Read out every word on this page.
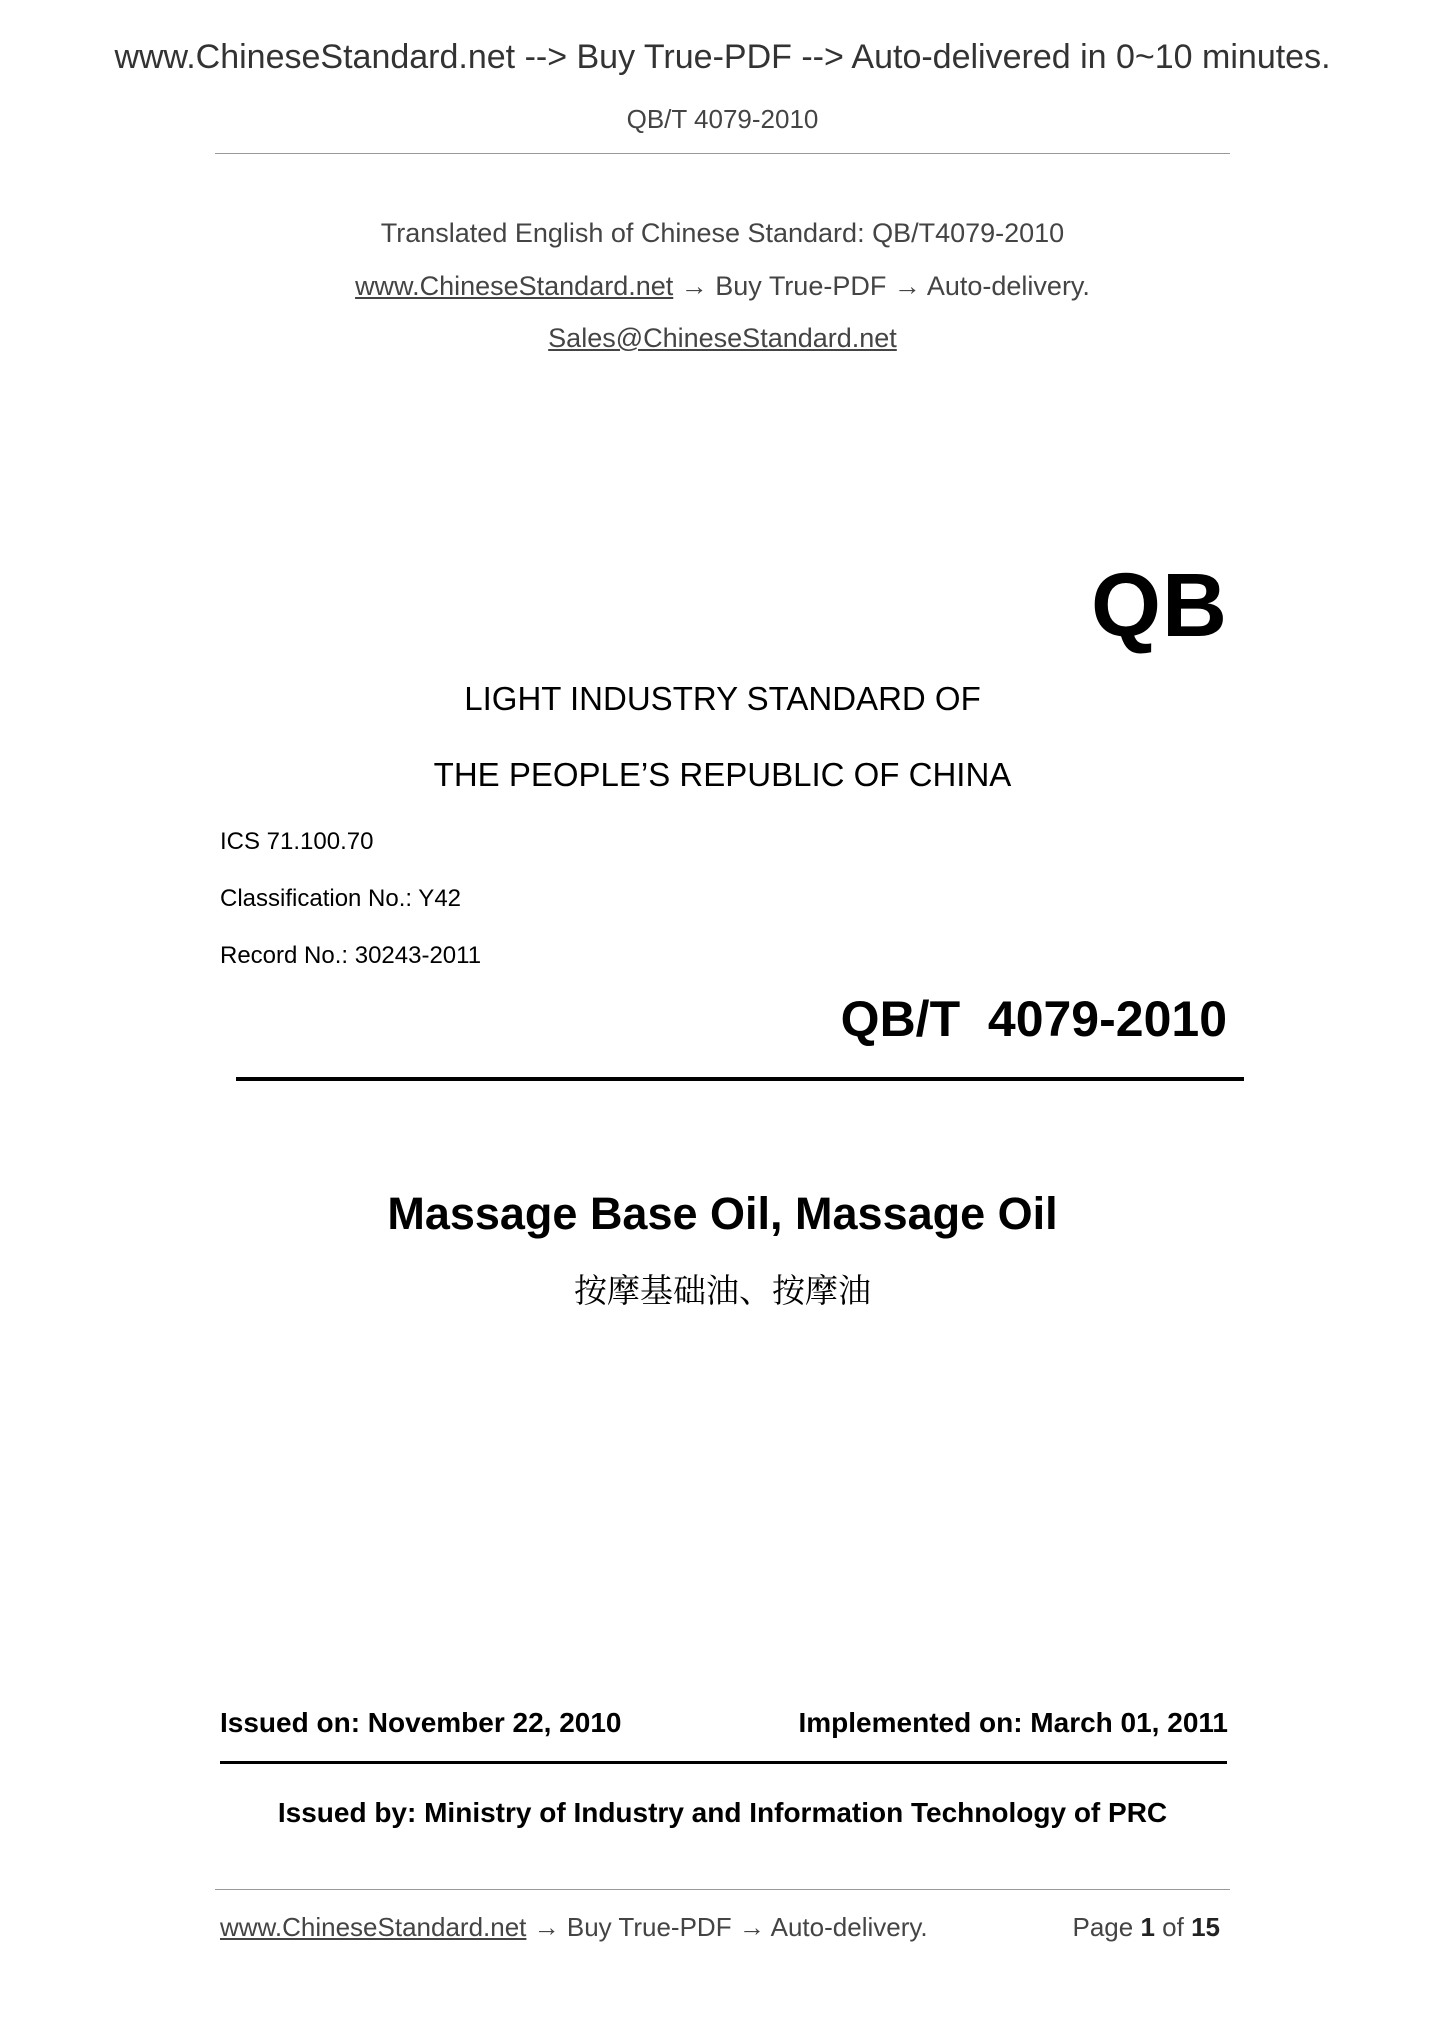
www.ChineseStandard.net --> Buy True-PDF --> Auto-delivered in 0~10 minutes.
QB/T 4079-2010
Translated English of Chinese Standard: QB/T4079-2010
www.ChineseStandard.net → Buy True-PDF → Auto-delivery.
Sales@ChineseStandard.net
QB
LIGHT INDUSTRY STANDARD OF
THE PEOPLE’S REPUBLIC OF CHINA
ICS 71.100.70
Classification No.: Y42
Record No.: 30243-2011
QB/T  4079-2010
Massage Base Oil, Massage Oil
按摩基础油、按摩油
Issued on: November 22, 2010	Implemented on: March 01, 2011
Issued by: Ministry of Industry and Information Technology of PRC
www.ChineseStandard.net → Buy True-PDF → Auto-delivery.	Page 1 of 15
